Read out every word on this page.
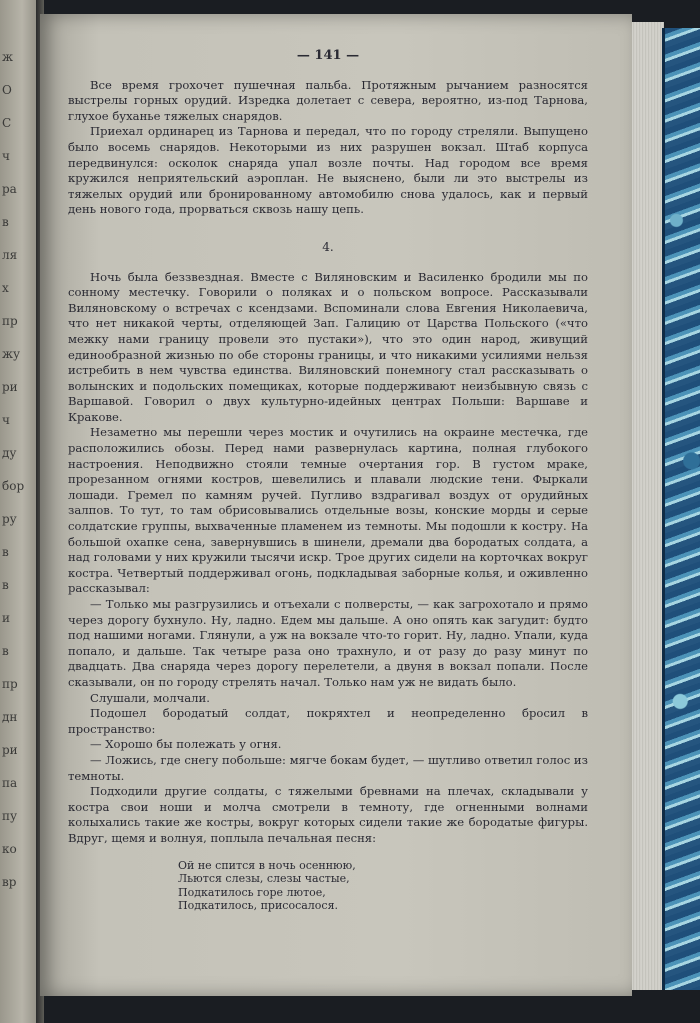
ж
О
С
ч
ра
в
ля
х
пр
жу
ри
ч
ду
бор
ру
в
в
и
в
пр
дн
ри
па
пу
ко
вр
— 141 —

Все время грохочет пушечная пальба. Протяжным рычанием разносятся выстрелы горных орудий. Изредка долетает с севера, вероятно, из-под Тарнова, глухое буханье тяжелых снарядов.

Приехал ординарец из Тарнова и передал, что по городу стреляли. Выпущено было восемь снарядов. Некоторыми из них разрушен вокзал. Штаб корпуса передвинулся: осколок снаряда упал возле почты. Над городом все время кружился неприятельский аэроплан. Не выяснено, были ли это выстрелы из тяжелых орудий или бронированному автомобилю снова удалось, как и первый день нового года, прорваться сквозь нашу цепь.

4.

Ночь была беззвездная. Вместе с Виляновским и Василенко бродили мы по сонному местечку. Говорили о поляках и о польском вопросе. Рассказывали Виляновскому о встречах с ксендзами. Вспоминали слова Евгения Николаевича, что нет никакой черты, отделяющей Зап. Галицию от Царства Польского («чтo межку нами границу провели это пустаки»), что это один народ, живущий единообразной жизнью по обе стороны границы, и что никакими усилиями нельзя истребить в нем чувства единства. Виляновский понемногу стал рассказывать о волынских и подольских помещиках, которые поддерживают неизбывную связь с Варшавой. Говорил о двух культурно-идейных центрах Польши: Варшаве и Кракове.

Незаметно мы перешли через мостик и очутились на окраине местечка, где расположились обозы. Перед нами развернулась картина, полная глубокого настроения. Неподвижно стояли темные очертания гор. В густом мраке, прорезанном огнями костров, шевелились и плавали людские тени. Фыркали лошади. Гремел по камням ручей. Пугливо вздрагивал воздух от орудийных залпов. То тут, то там обрисовывались отдельные возы, конские морды и серые солдатские группы, выхваченные пламенем из темноты. Мы подошли к костру. На большой охапке сена, завернувшись в шинели, дремали два бородатых солдата, а над головами у них кружили тысячи искр. Трое других сидели на корточках вокруг костра. Четвертый поддерживал огонь, подкладывая заборные колья, и оживленно рассказывал:

— Только мы разгрузились и отъехали с полверсты, — как загрохотало и прямо через дорогу бухнуло. Ну, ладно. Едем мы дальше. А оно опять как загудит: будто под нашими ногами. Глянули, а уж на вокзале что-то горит. Ну, ладно. Упали, куда попало, и дальше. Так четыре раза оно трахнуло, и от разу до разу минут по двадцать. Два снаряда через дорогу перелетели, а двуня в вокзал попали. После сказывали, он по городу стрелять начал. Только нам уж не видать было.

Слушали, молчали.

Подошел бородатый солдат, покряхтел и неопределенно бросил в пространство:

— Хорошо бы полежать у огня.

— Ложись, где снегу побольше: мягче бокам будет, — шутливо ответил голос из темноты.

Подходили другие солдаты, с тяжелыми бревнами на плечах, складывали у костра свои ноши и молча смотрели в темноту, где огненными волнами колыхались такие же костры, вокруг которых сидели такие же бородатые фигуры. Вдруг, щемя и волнуя, поплыла печальная песня:

Ой не спится в ночь осеннюю,
Льются слезы, слезы частые,
Подкатилось горе лютое,
Подкатилось, присосалося.
